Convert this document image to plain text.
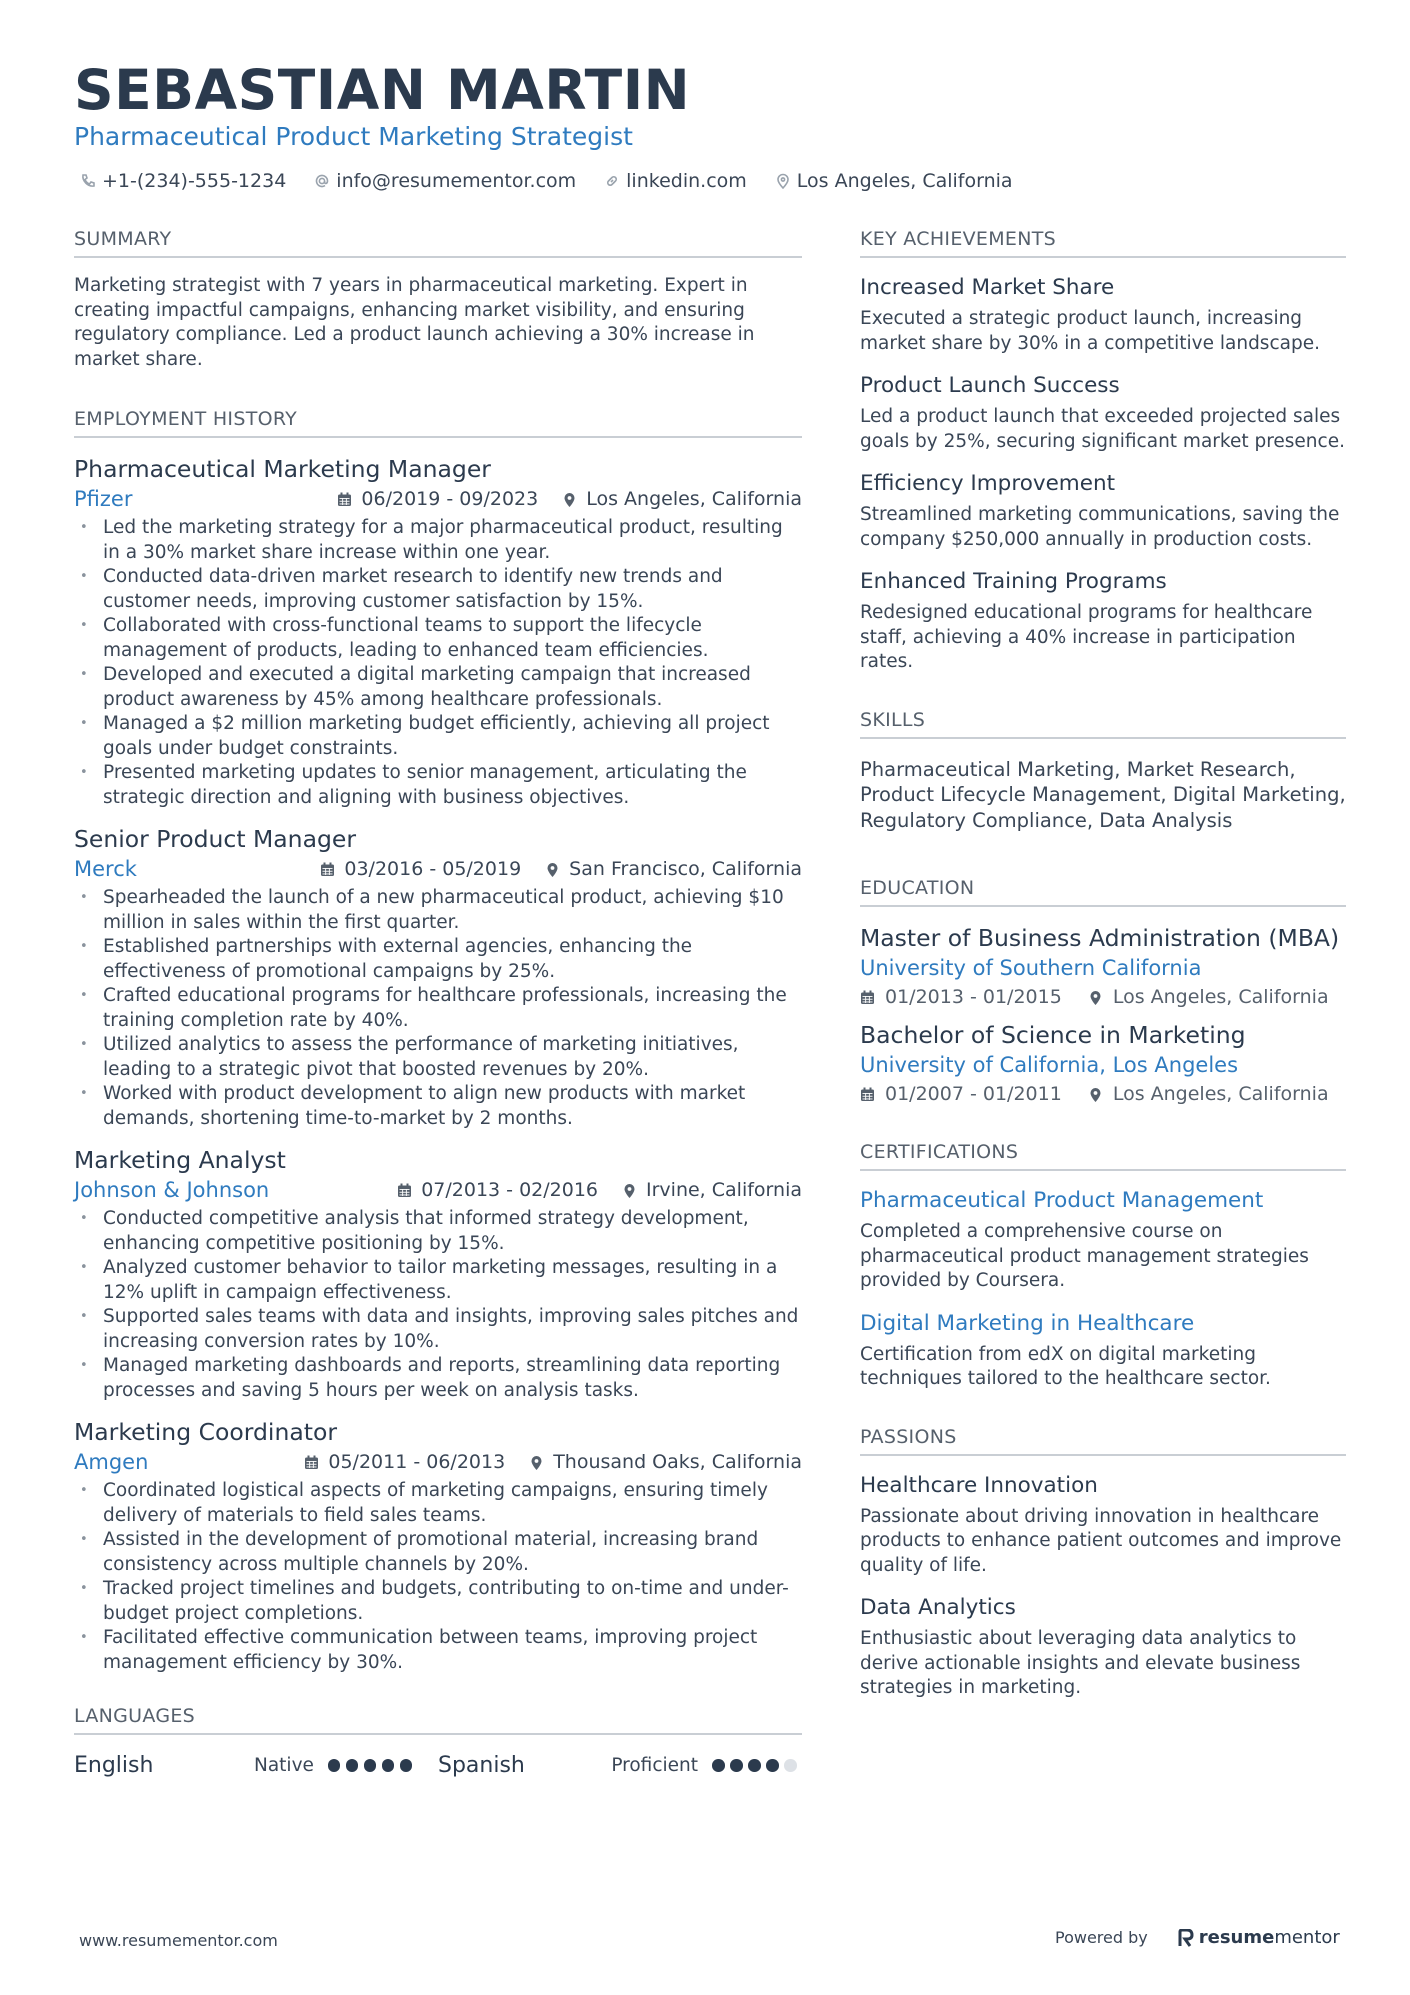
SEBASTIAN MARTIN
Pharmaceutical Product Marketing Strategist
+1-(234)-555-1234	info@resumementor.com	linkedin.com	Los Angeles, California
SUMMARY
Marketing strategist with 7 years in pharmaceutical marketing. Expert in creating impactful campaigns, enhancing market visibility, and ensuring regulatory compliance. Led a product launch achieving a 30% increase in market share.
EMPLOYMENT HISTORY
Pharmaceutical Marketing Manager
Pfizer	06/2019 - 09/2023	Los Angeles, California
• Led the marketing strategy for a major pharmaceutical product, resulting in a 30% market share increase within one year.
• Conducted data-driven market research to identify new trends and customer needs, improving customer satisfaction by 15%.
• Collaborated with cross-functional teams to support the lifecycle management of products, leading to enhanced team efficiencies.
• Developed and executed a digital marketing campaign that increased product awareness by 45% among healthcare professionals.
• Managed a $2 million marketing budget efficiently, achieving all project goals under budget constraints.
• Presented marketing updates to senior management, articulating the strategic direction and aligning with business objectives.
Senior Product Manager
Merck	03/2016 - 05/2019	San Francisco, California
• Spearheaded the launch of a new pharmaceutical product, achieving $10 million in sales within the first quarter.
• Established partnerships with external agencies, enhancing the effectiveness of promotional campaigns by 25%.
• Crafted educational programs for healthcare professionals, increasing the training completion rate by 40%.
• Utilized analytics to assess the performance of marketing initiatives, leading to a strategic pivot that boosted revenues by 20%.
• Worked with product development to align new products with market demands, shortening time-to-market by 2 months.
Marketing Analyst
Johnson & Johnson	07/2013 - 02/2016	Irvine, California
• Conducted competitive analysis that informed strategy development, enhancing competitive positioning by 15%.
• Analyzed customer behavior to tailor marketing messages, resulting in a 12% uplift in campaign effectiveness.
• Supported sales teams with data and insights, improving sales pitches and increasing conversion rates by 10%.
• Managed marketing dashboards and reports, streamlining data reporting processes and saving 5 hours per week on analysis tasks.
Marketing Coordinator
Amgen	05/2011 - 06/2013	Thousand Oaks, California
• Coordinated logistical aspects of marketing campaigns, ensuring timely delivery of materials to field sales teams.
• Assisted in the development of promotional material, increasing brand consistency across multiple channels by 20%.
• Tracked project timelines and budgets, contributing to on-time and under-budget project completions.
• Facilitated effective communication between teams, improving project management efficiency by 30%.
LANGUAGES
English	Native	Spanish	Proficient
KEY ACHIEVEMENTS
Increased Market Share
Executed a strategic product launch, increasing market share by 30% in a competitive landscape.
Product Launch Success
Led a product launch that exceeded projected sales goals by 25%, securing significant market presence.
Efficiency Improvement
Streamlined marketing communications, saving the company $250,000 annually in production costs.
Enhanced Training Programs
Redesigned educational programs for healthcare staff, achieving a 40% increase in participation rates.
SKILLS
Pharmaceutical Marketing, Market Research, Product Lifecycle Management, Digital Marketing, Regulatory Compliance, Data Analysis
EDUCATION
Master of Business Administration (MBA)
University of Southern California
01/2013 - 01/2015	Los Angeles, California
Bachelor of Science in Marketing
University of California, Los Angeles
01/2007 - 01/2011	Los Angeles, California
CERTIFICATIONS
Pharmaceutical Product Management
Completed a comprehensive course on pharmaceutical product management strategies provided by Coursera.
Digital Marketing in Healthcare
Certification from edX on digital marketing techniques tailored to the healthcare sector.
PASSIONS
Healthcare Innovation
Passionate about driving innovation in healthcare products to enhance patient outcomes and improve quality of life.
Data Analytics
Enthusiastic about leveraging data analytics to derive actionable insights and elevate business strategies in marketing.
www.resumementor.com	Powered by	resume mentor
